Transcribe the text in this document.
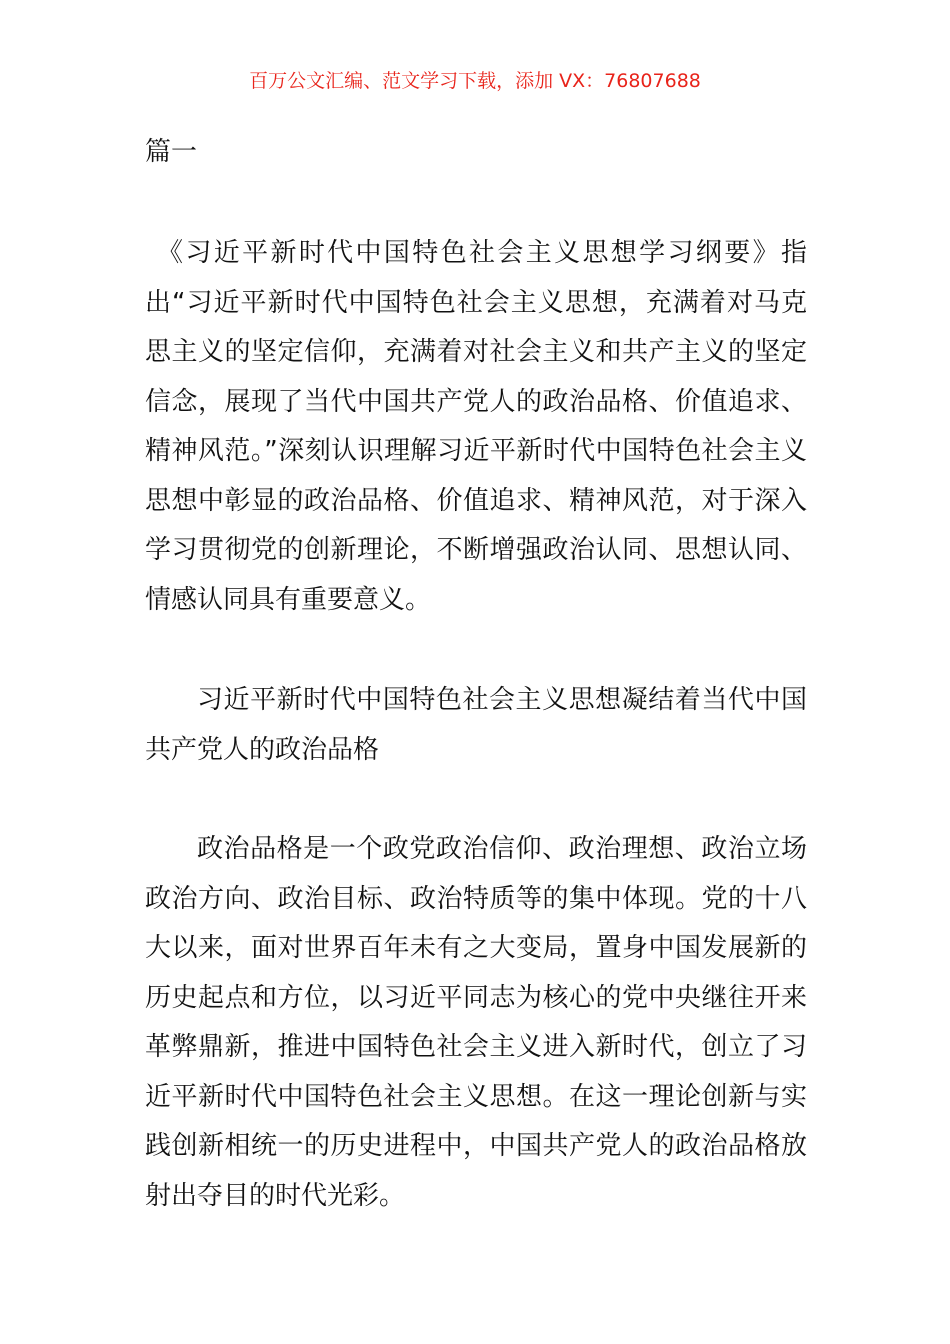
百万公文汇编、范文学习下载，添加 VX：76807688
篇一

《习近平新时代中国特色社会主义思想学习纲要》指出“习近平新时代中国特色社会主义思想，充满着对马克思主义的坚定信仰，充满着对社会主义和共产主义的坚定信念，展现了当代中国共产党人的政治品格、价值追求、精神风范。”深刻认识理解习近平新时代中国特色社会主义思想中彰显的政治品格、价值追求、精神风范，对于深入学习贯彻党的创新理论，不断增强政治认同、思想认同、情感认同具有重要意义。

习近平新时代中国特色社会主义思想凝结着当代中国共产党人的政治品格

政治品格是一个政党政治信仰、政治理想、政治立场政治方向、政治目标、政治特质等的集中体现。党的十八大以来，面对世界百年未有之大变局，置身中国发展新的历史起点和方位，以习近平同志为核心的党中央继往开来革弊鼎新，推进中国特色社会主义进入新时代，创立了习近平新时代中国特色社会主义思想。在这一理论创新与实践创新相统一的历史进程中，中国共产党人的政治品格放射出夺目的时代光彩。
